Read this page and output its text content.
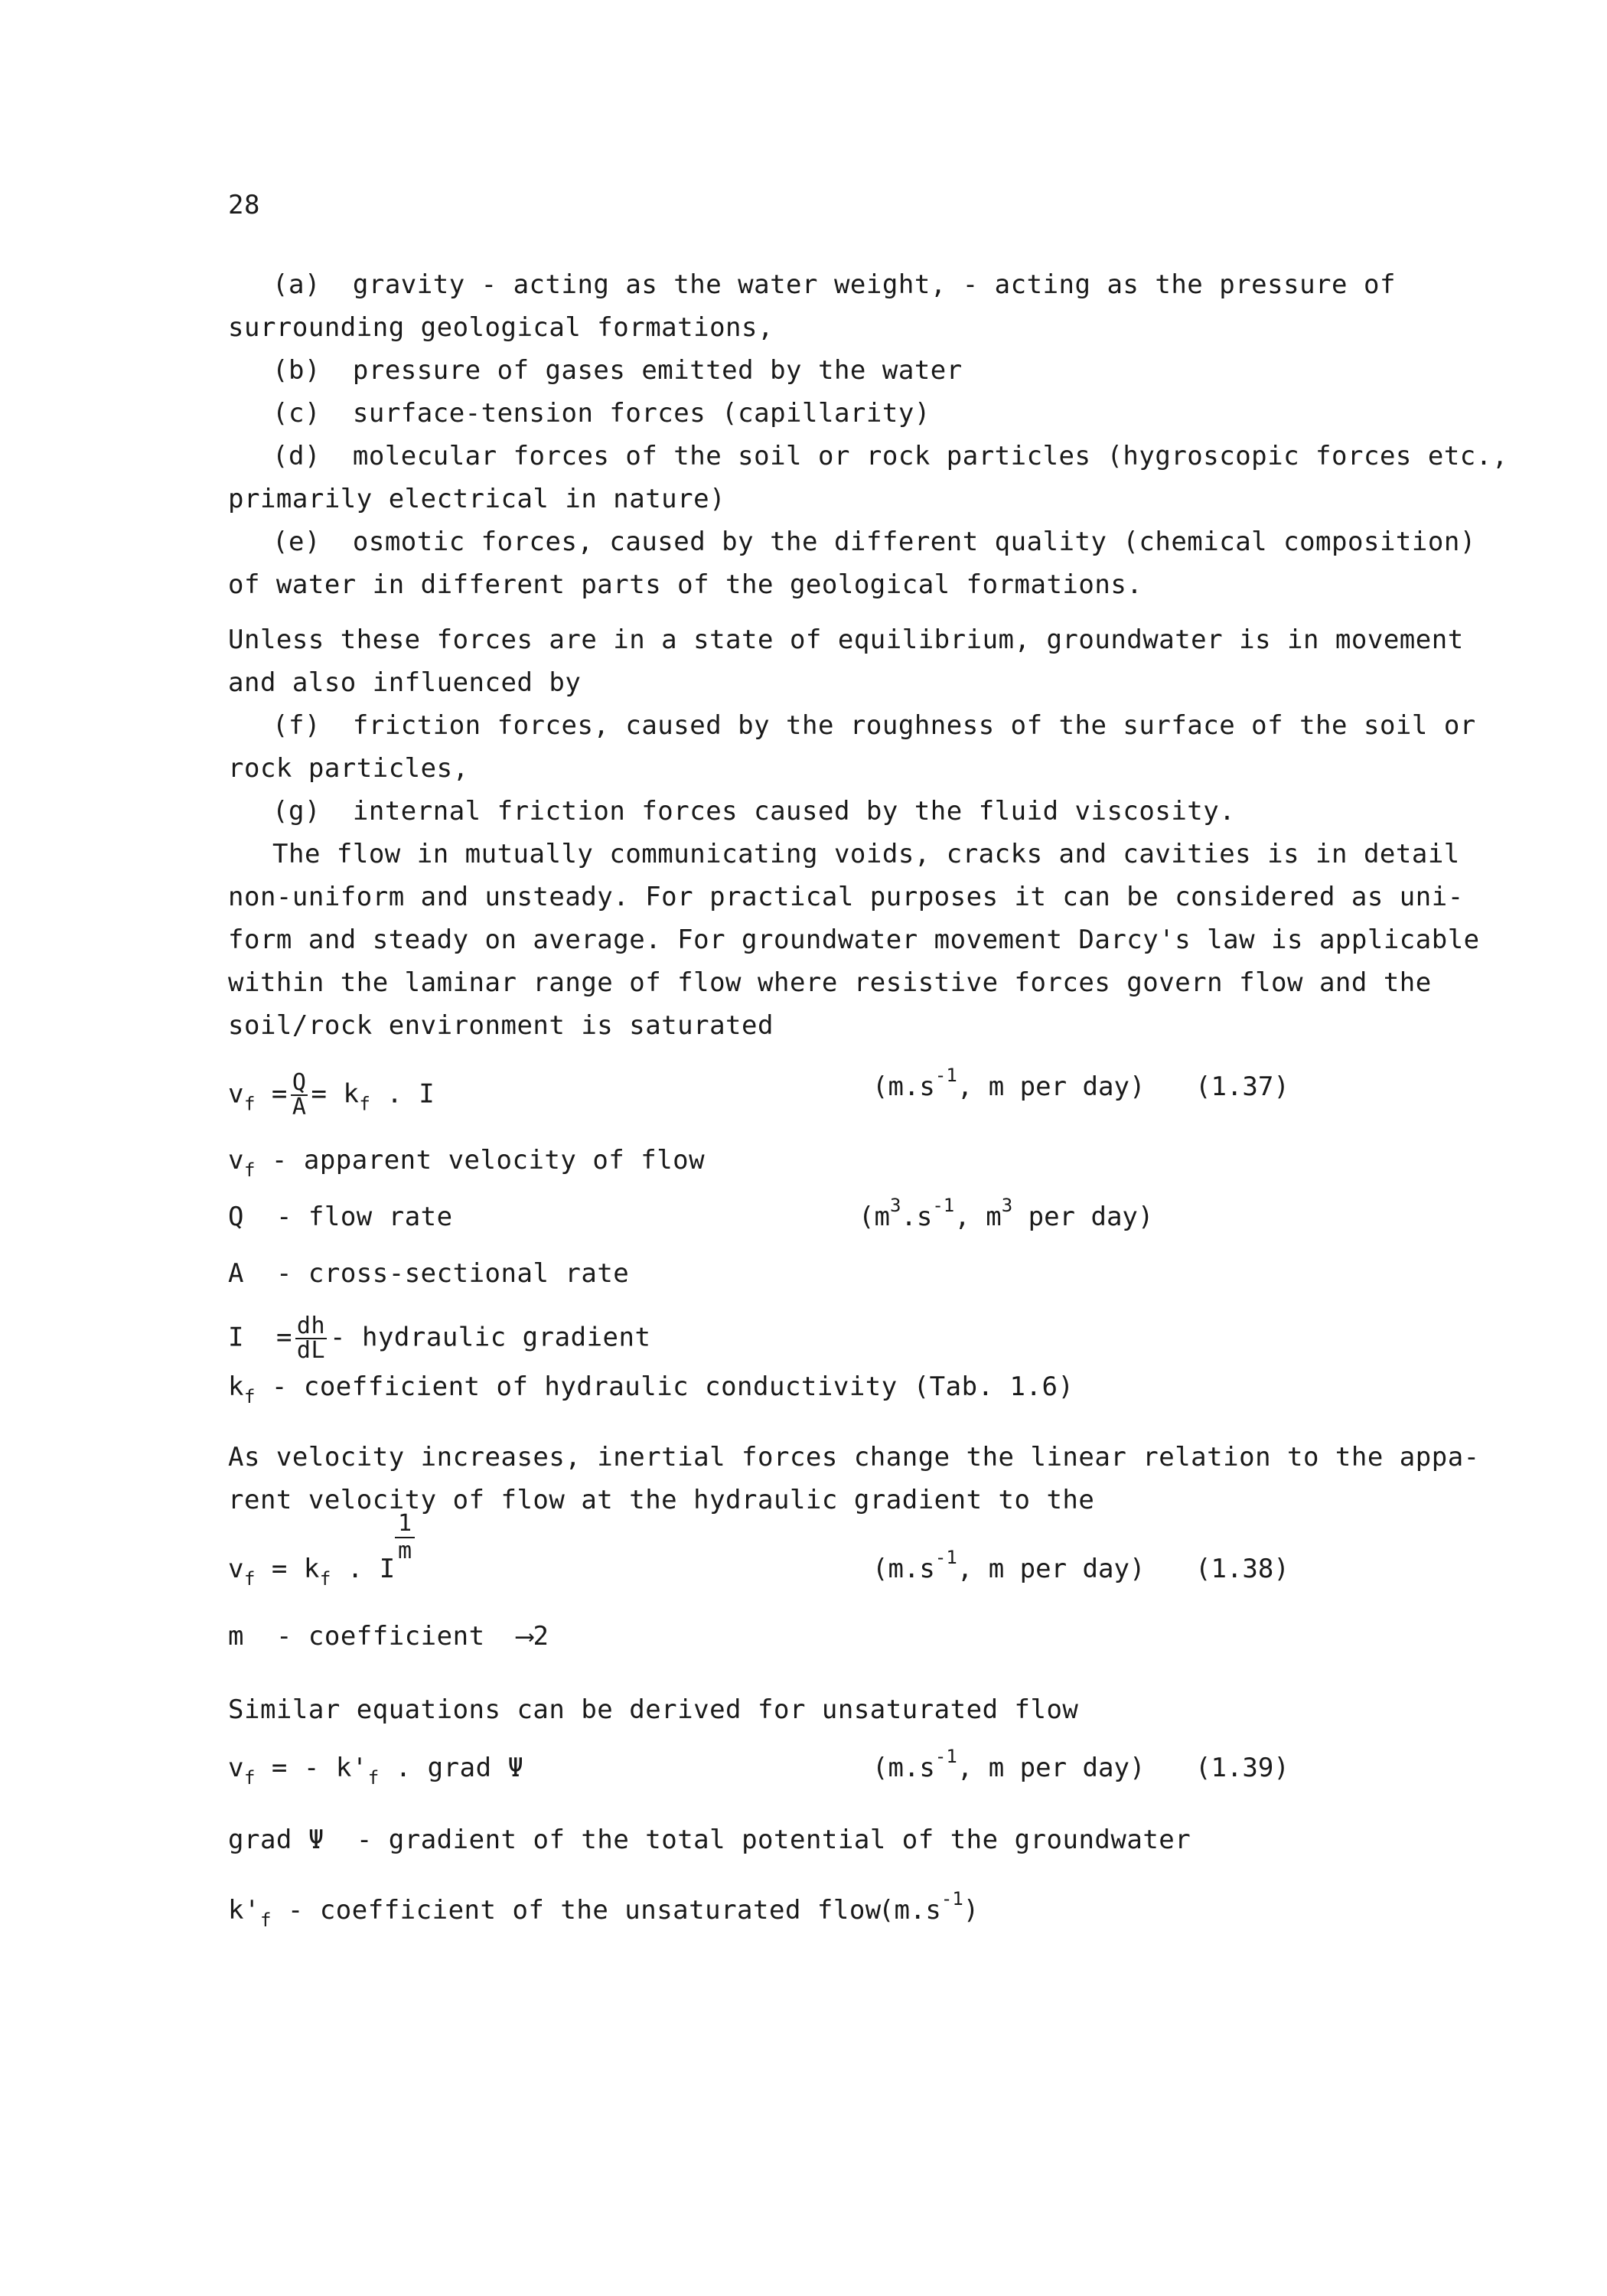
28
(a) gravity - acting as the water weight, - acting as the pressure of
surrounding geological formations,
(b) pressure of gases emitted by the water
(c) surface-tension forces (capillarity)
(d) molecular forces of the soil or rock particles (hygroscopic forces etc.,
primarily electrical in nature)
(e) osmotic forces, caused by the different quality (chemical composition)
of water in different parts of the geological formations.
Unless these forces are in a state of equilibrium, groundwater is in movement
and also influenced by
(f) friction forces, caused by the roughness of the surface of the soil or
rock particles,
(g) internal friction forces caused by the fluid viscosity.
The flow in mutually communicating voids, cracks and cavities is in detail
non-uniform and unsteady. For practical purposes it can be considered as uni-
form and steady on average. For groundwater movement Darcy's law is applicable
within the laminar range of flow where resistive forces govern flow and the
soil/rock environment is saturated
$v_f = \frac{Q}{A} = k_f$ . I	($m.s^{-1}$, m per day) (1.37)
$v_f$ - apparent velocity of flow
Q - flow rate	($m^3.s^{-1}$, $m^3$ per day)
A - cross-sectional rate
$I = \frac{dh}{dL}$ - hydraulic gradient
$k_f$ - coefficient of hydraulic conductivity (Tab. 1.6)
As velocity increases, inertial forces change the linear relation to the appa-
rent velocity of flow at the hydraulic gradient to the
$v_f = k_f$ . I
$\frac{1}{m}$
($m.s^{-1}$, m per day) (1.38)
m - coefficient ⟶2
Similar equations can be derived for unsaturated flow
$v_f$ = - $k'_f$ . grad Ψ	($m.s^{-1}$, m per day) (1.39)
grad Ψ - gradient of the total potential of the groundwater
$k'_f$ - coefficient of the unsaturated flow
$(m.s^{-1})$
